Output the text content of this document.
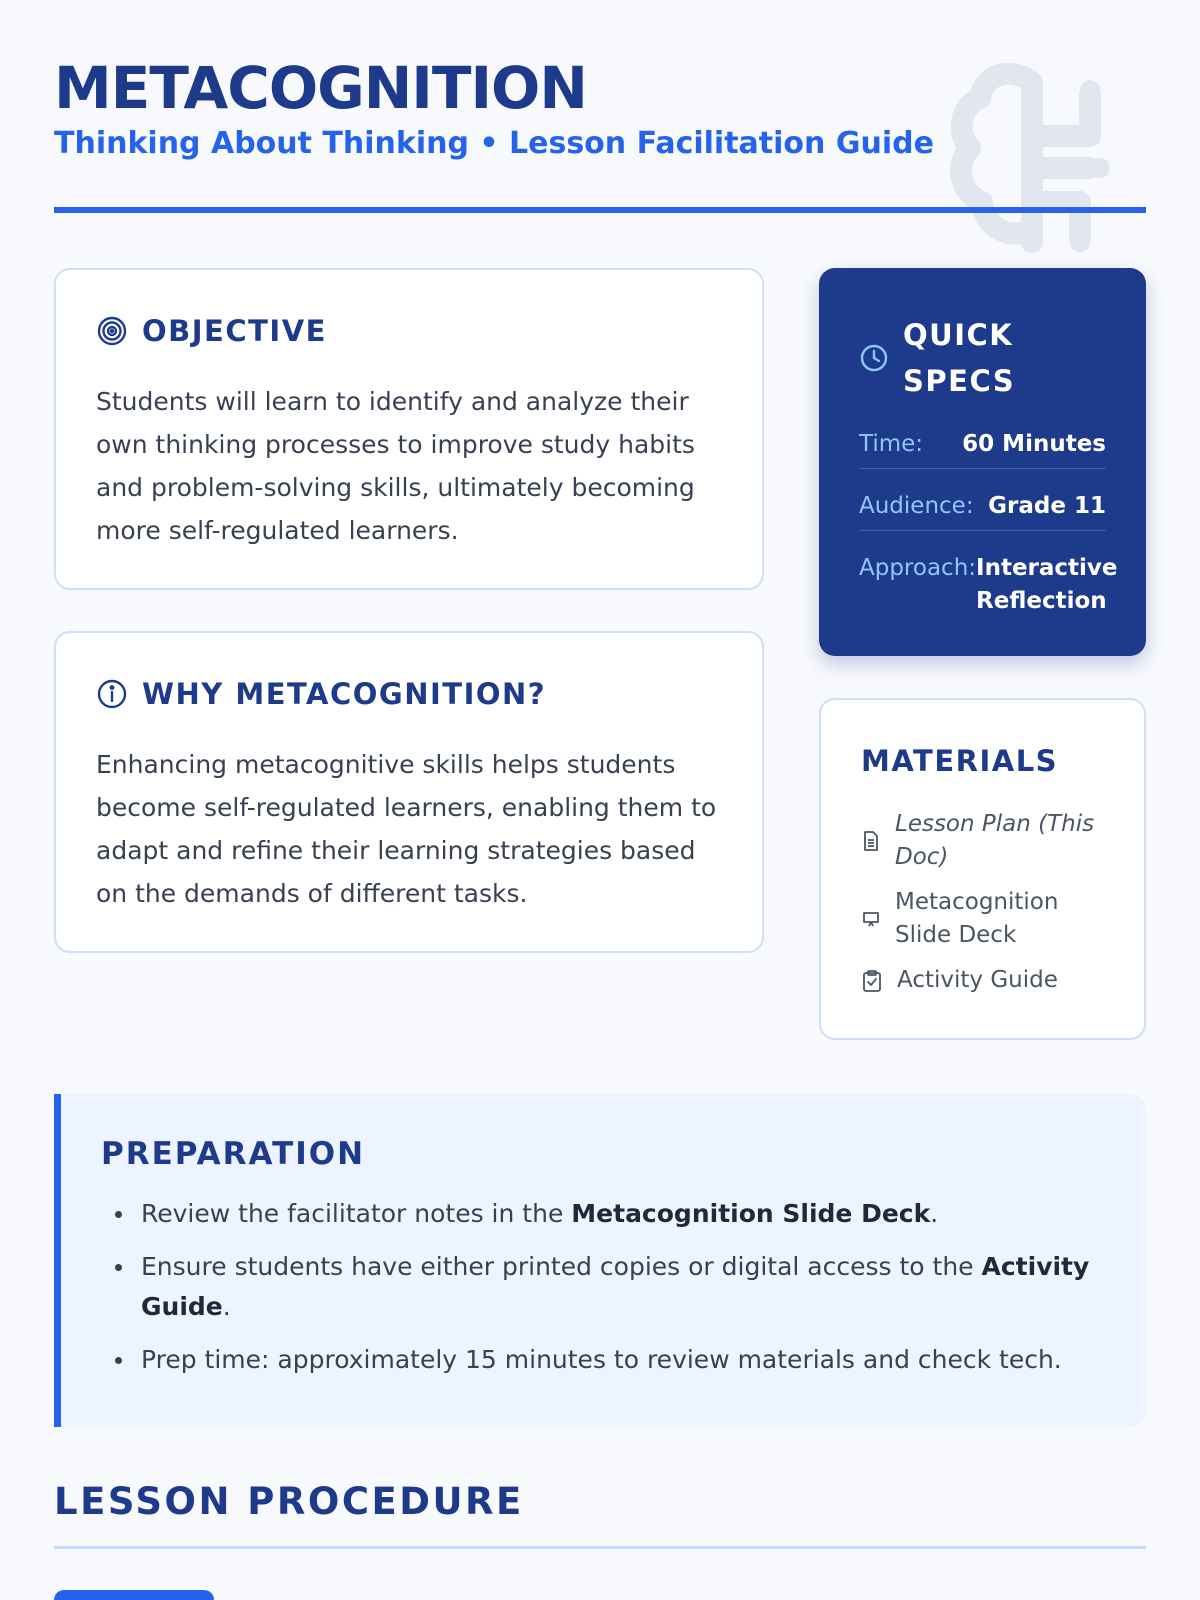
METACOGNITION
Thinking About Thinking • Lesson Facilitation Guide
OBJECTIVE
Students will learn to identify and analyze their own thinking processes to improve study habits and problem-solving skills, ultimately becoming more self-regulated learners.
WHY METACOGNITION?
Enhancing metacognitive skills helps students become self-regulated learners, enabling them to adapt and refine their learning strategies based on the demands of different tasks.
QUICK SPECS
Time: 60 Minutes
Audience: Grade 11
Approach: Interactive Reflection
MATERIALS
Lesson Plan (This Doc)
Metacognition Slide Deck
Activity Guide
PREPARATION
Review the facilitator notes in the Metacognition Slide Deck.
Ensure students have either printed copies or digital access to the Activity Guide.
Prep time: approximately 15 minutes to review materials and check tech.
LESSON PROCEDURE
